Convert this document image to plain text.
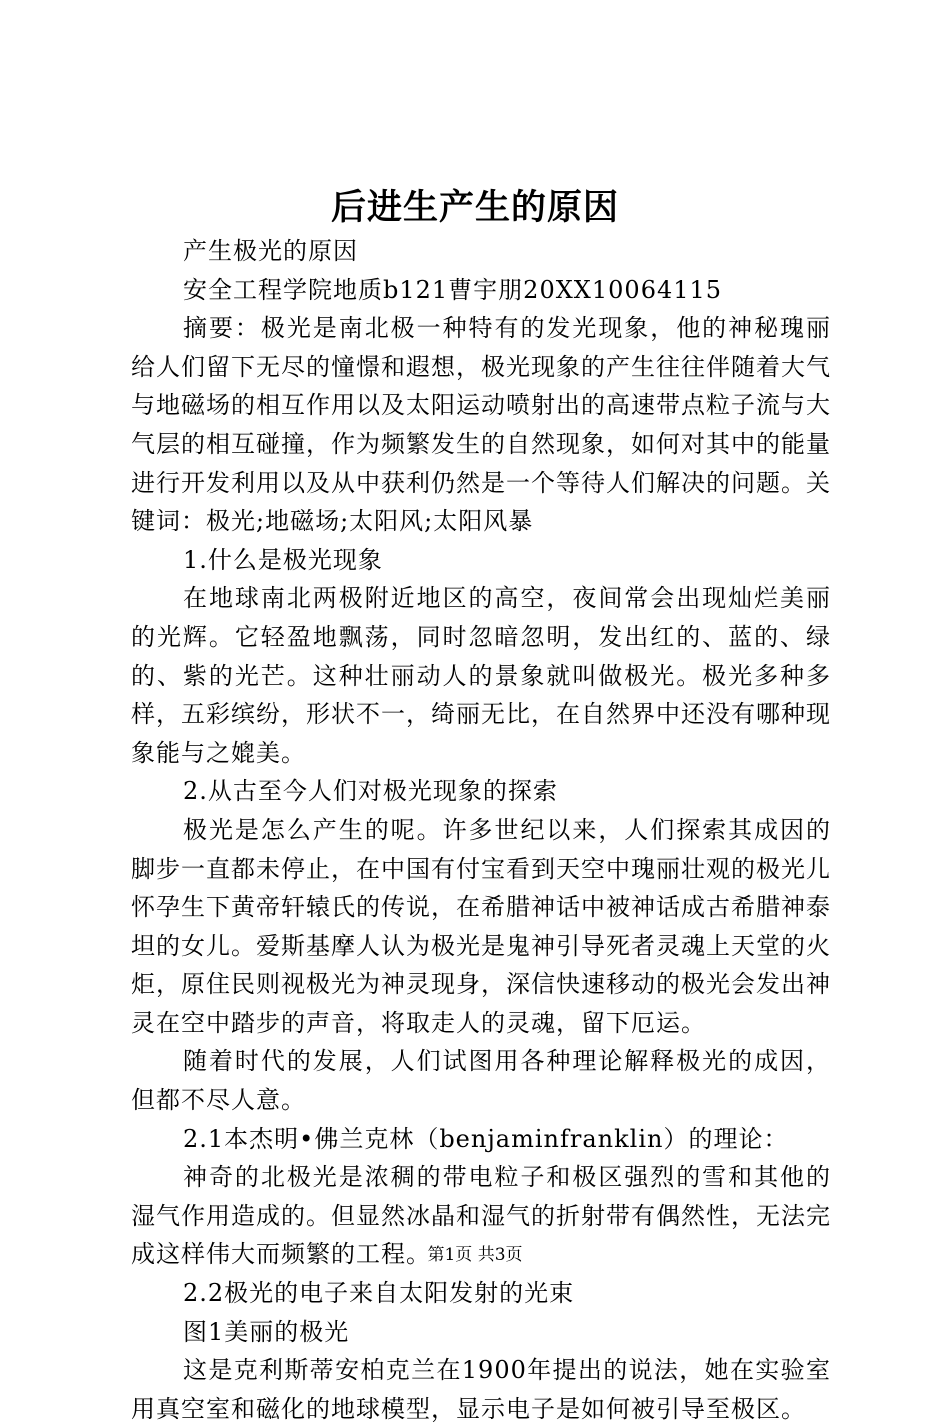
后进生产生的原因

产生极光的原因

安全工程学院地质b121曹宇朋20XX10064115

摘要：极光是南北极一种特有的发光现象，他的神秘瑰丽给人们留下无尽的憧憬和遐想，极光现象的产生往往伴随着大气与地磁场的相互作用以及太阳运动喷射出的高速带点粒子流与大气层的相互碰撞，作为频繁发生的自然现象，如何对其中的能量进行开发利用以及从中获利仍然是一个等待人们解决的问题。关键词：极光;地磁场;太阳风;太阳风暴

1.什么是极光现象

在地球南北两极附近地区的高空，夜间常会出现灿烂美丽的光辉。它轻盈地飘荡，同时忽暗忽明，发出红的、蓝的、绿的、紫的光芒。这种壮丽动人的景象就叫做极光。极光多种多样，五彩缤纷，形状不一，绮丽无比，在自然界中还没有哪种现象能与之媲美。

2.从古至今人们对极光现象的探索

极光是怎么产生的呢。许多世纪以来，人们探索其成因的脚步一直都未停止，在中国有付宝看到天空中瑰丽壮观的极光儿怀孕生下黄帝轩辕氏的传说，在希腊神话中被神话成古希腊神泰坦的女儿。爱斯基摩人认为极光是鬼神引导死者灵魂上天堂的火炬，原住民则视极光为神灵现身，深信快速移动的极光会发出神灵在空中踏步的声音，将取走人的灵魂，留下厄运。

随着时代的发展，人们试图用各种理论解释极光的成因，但都不尽人意。

2.1本杰明•佛兰克林（benjaminfranklin）的理论：

神奇的北极光是浓稠的带电粒子和极区强烈的雪和其他的湿气作用造成的。但显然冰晶和湿气的折射带有偶然性，无法完成这样伟大而频繁的工程。

2.2极光的电子来自太阳发射的光束

图1美丽的极光

这是克利斯蒂安柏克兰在1900年提出的说法，她在实验室用真空室和磁化的地球模型，显示电子是如何被引导至极区。

第1页 共3页
